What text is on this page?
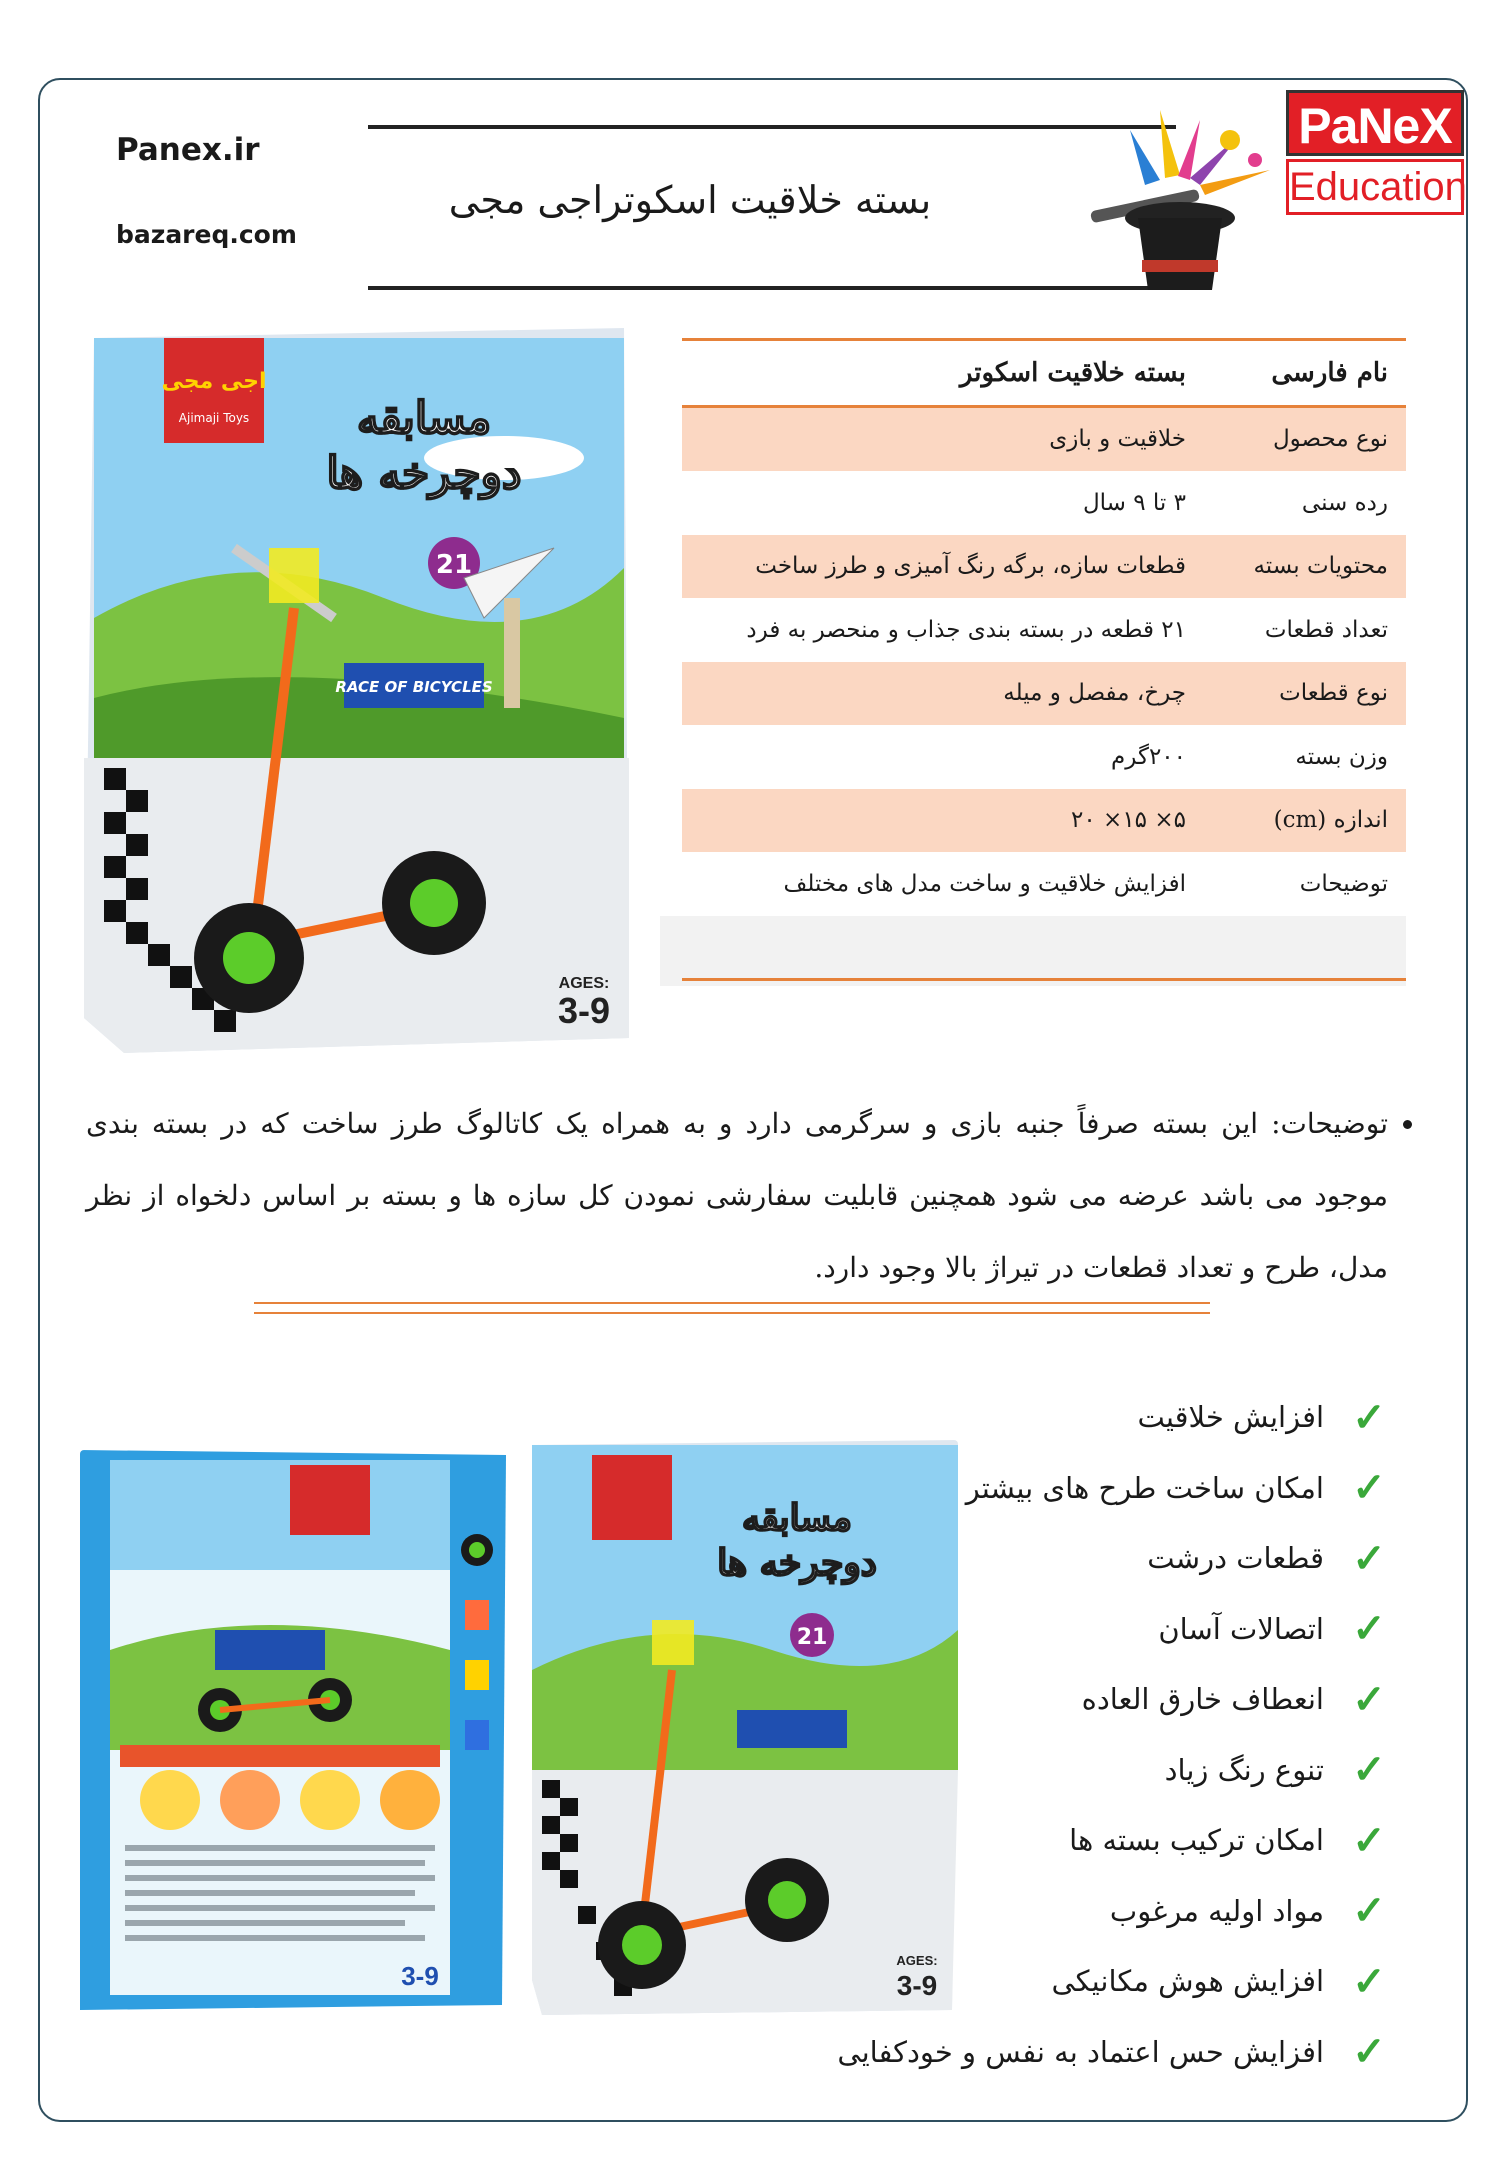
Panex.ir
bazareq.com
بسته خلاقیت اسکوتراجی مجی
PaNeX
Education
اجی مجی
Ajimaji Toys مسابقه
دوچرخه ها
21
RACE OF BICYCLES
AGES:
3-9
نام فارسی
بسته خلاقیت اسکوتر
نوع محصول
خلاقیت و بازی
رده سنی
۳ تا ۹ سال
محتویات بسته
قطعات سازه، برگه رنگ آمیزی و طرز ساخت
تعداد قطعات
۲۱ قطعه در بسته بندی جذاب و منحصر به فرد
نوع قطعات
چرخ، مفصل و میله
وزن بسته
۲۰۰گرم
اندازه (cm)
۵× ۱۵× ۲۰
توضیحات
افزایش خلاقیت و ساخت مدل های مختلف
• توضیحات: این بسته صرفاً جنبه بازی و سرگرمی دارد و به همراه یک کاتالوگ طرز ساخت که در بسته بندی موجود می باشد عرضه می شود همچنین قابلیت سفارشی نمودن کل سازه ها و بسته بر اساس دلخواه از نظر مدل، طرح و تعداد قطعات در تیراژ بالا وجود دارد.
3-9
مسابقه
دوچرخه ها
21
AGES:
3-9
✓
افزایش خلاقیت
✓
امکان ساخت طرح های بیشتر
✓
قطعات درشت
✓
اتصالات آسان
✓
انعطاف خارق العاده
✓
تنوع رنگ زیاد
✓
امکان ترکیب بسته ها
✓
مواد اولیه مرغوب
✓
افزایش هوش مکانیکی
✓
افزایش حس اعتماد به نفس و خودکفایی
